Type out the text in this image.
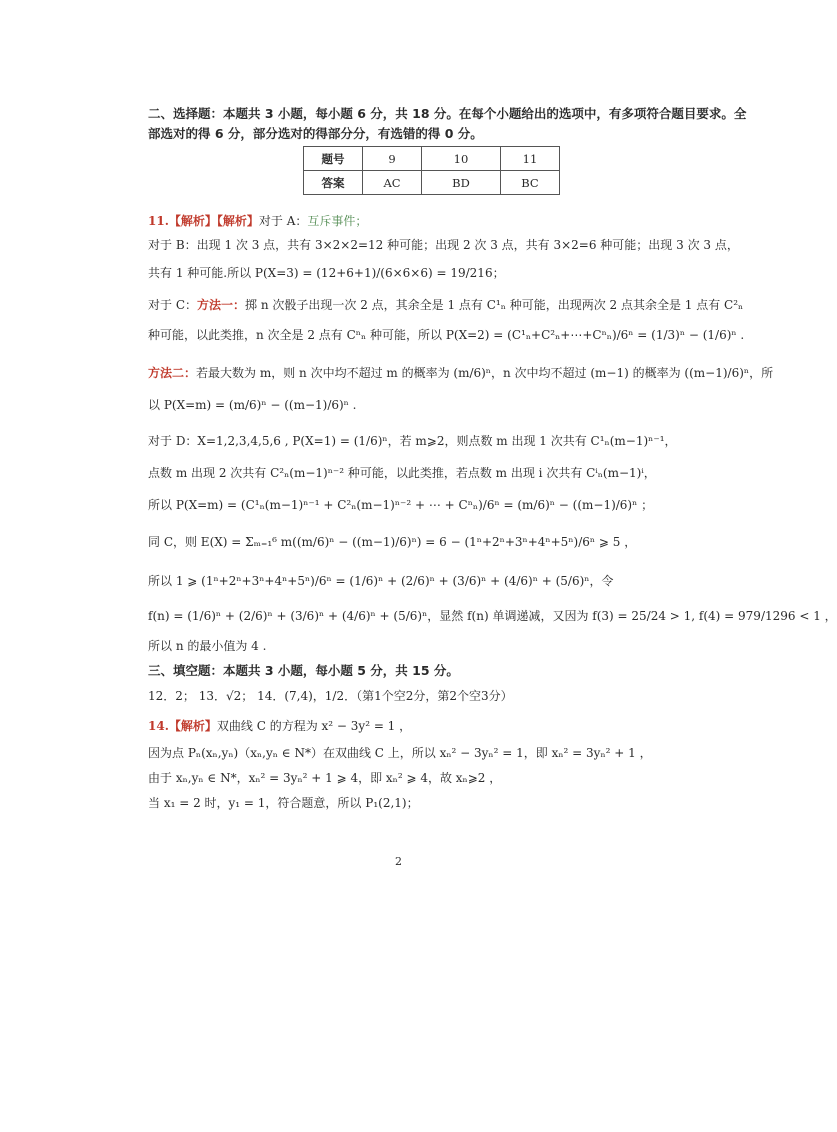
二、选择题：本题共 3 小题，每小题 6 分，共 18 分。在每个小题给出的选项中，有多项符合题目要求。全
部选对的得 6 分，部分选对的得部分分，有选错的得 0 分。
题号	9	10	11
答案	AC	BD	BC
11.【解析】【解析】对于 A：互斥事件；
对于 B：出现 1 次 3 点，共有 3×2×2=12 种可能；出现 2 次 3 点，共有 3×2=6 种可能；出现 3 次 3 点，
共有 1 种可能.所以 P(X=3) = (12+6+1)/(6×6×6) = 19/216；
对于 C：方法一：掷 n 次骰子出现一次 2 点，其余全是 1 点有 C¹ₙ 种可能，出现两次 2 点其余全是 1 点有 C²ₙ
种可能，以此类推，n 次全是 2 点有 Cⁿₙ 种可能，所以 P(X=2) = (C¹ₙ+C²ₙ+⋯+Cⁿₙ)/6ⁿ = (1/3)ⁿ − (1/6)ⁿ .
方法二：若最大数为 m，则 n 次中均不超过 m 的概率为 (m/6)ⁿ，n 次中均不超过 (m−1) 的概率为 ((m−1)/6)ⁿ，所
以 P(X=m) = (m/6)ⁿ − ((m−1)/6)ⁿ .
对于 D：X=1,2,3,4,5,6 , P(X=1) = (1/6)ⁿ，若 m⩾2，则点数 m 出现 1 次共有 C¹ₙ(m−1)ⁿ⁻¹，
点数 m 出现 2 次共有 C²ₙ(m−1)ⁿ⁻² 种可能，以此类推，若点数 m 出现 i 次共有 Cⁱₙ(m−1)ⁱ，
所以 P(X=m) = (C¹ₙ(m−1)ⁿ⁻¹ + C²ₙ(m−1)ⁿ⁻² + ⋯ + Cⁿₙ)/6ⁿ = (m/6)ⁿ − ((m−1)/6)ⁿ ；
同 C，则 E(X) = Σₘ₌₁⁶ m((m/6)ⁿ − ((m−1)/6)ⁿ) = 6 − (1ⁿ+2ⁿ+3ⁿ+4ⁿ+5ⁿ)/6ⁿ ⩾ 5 ，
所以 1 ⩾ (1ⁿ+2ⁿ+3ⁿ+4ⁿ+5ⁿ)/6ⁿ = (1/6)ⁿ + (2/6)ⁿ + (3/6)ⁿ + (4/6)ⁿ + (5/6)ⁿ，令
f(n) = (1/6)ⁿ + (2/6)ⁿ + (3/6)ⁿ + (4/6)ⁿ + (5/6)ⁿ，显然 f(n) 单调递减，又因为 f(3) = 25/24 > 1, f(4) = 979/1296 < 1 ，
所以 n 的最小值为 4 .
三、填空题：本题共 3 小题，每小题 5 分，共 15 分。
12．2； 13．√2； 14．(7,4)，1/2．（第1个空2分，第2个空3分）
14.【解析】双曲线 C 的方程为 x² − 3y² = 1 ，
因为点 Pₙ(xₙ,yₙ)（xₙ,yₙ ∈ N*）在双曲线 C 上，所以 xₙ² − 3yₙ² = 1，即 xₙ² = 3yₙ² + 1 ，
由于 xₙ,yₙ ∈ N*，xₙ² = 3yₙ² + 1 ⩾ 4，即 xₙ² ⩾ 4，故 xₙ⩾2 ，
当 x₁ = 2 时，y₁ = 1，符合题意，所以 P₁(2,1)；
2
